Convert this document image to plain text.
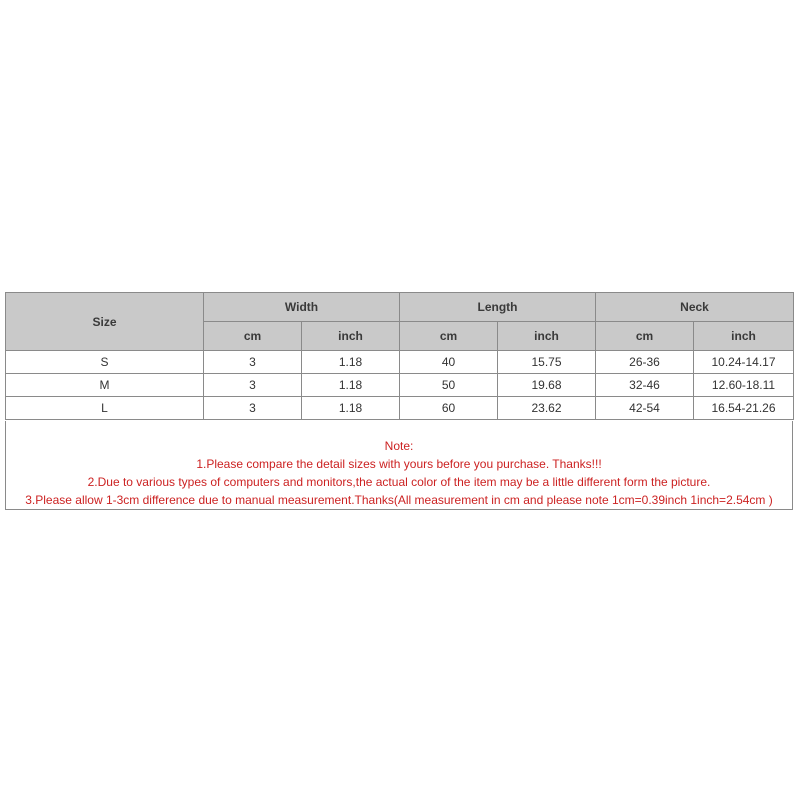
Size	Width		Length		Neck	
	cm	inch	cm	inch	cm	inch
S	3	1.18	40	15.75	26-36	10.24-14.17
M	3	1.18	50	19.68	32-46	12.60-18.11
L	3	1.18	60	23.62	42-54	16.54-21.26
Note:
1.Please compare the detail sizes with yours before you purchase. Thanks!!!
2.Due to various types of computers and monitors,the actual color of the item may be a little different form the picture.
3.Please allow 1-3cm difference due to manual measurement.Thanks(All measurement in cm and please note 1cm=0.39inch 1inch=2.54cm )
